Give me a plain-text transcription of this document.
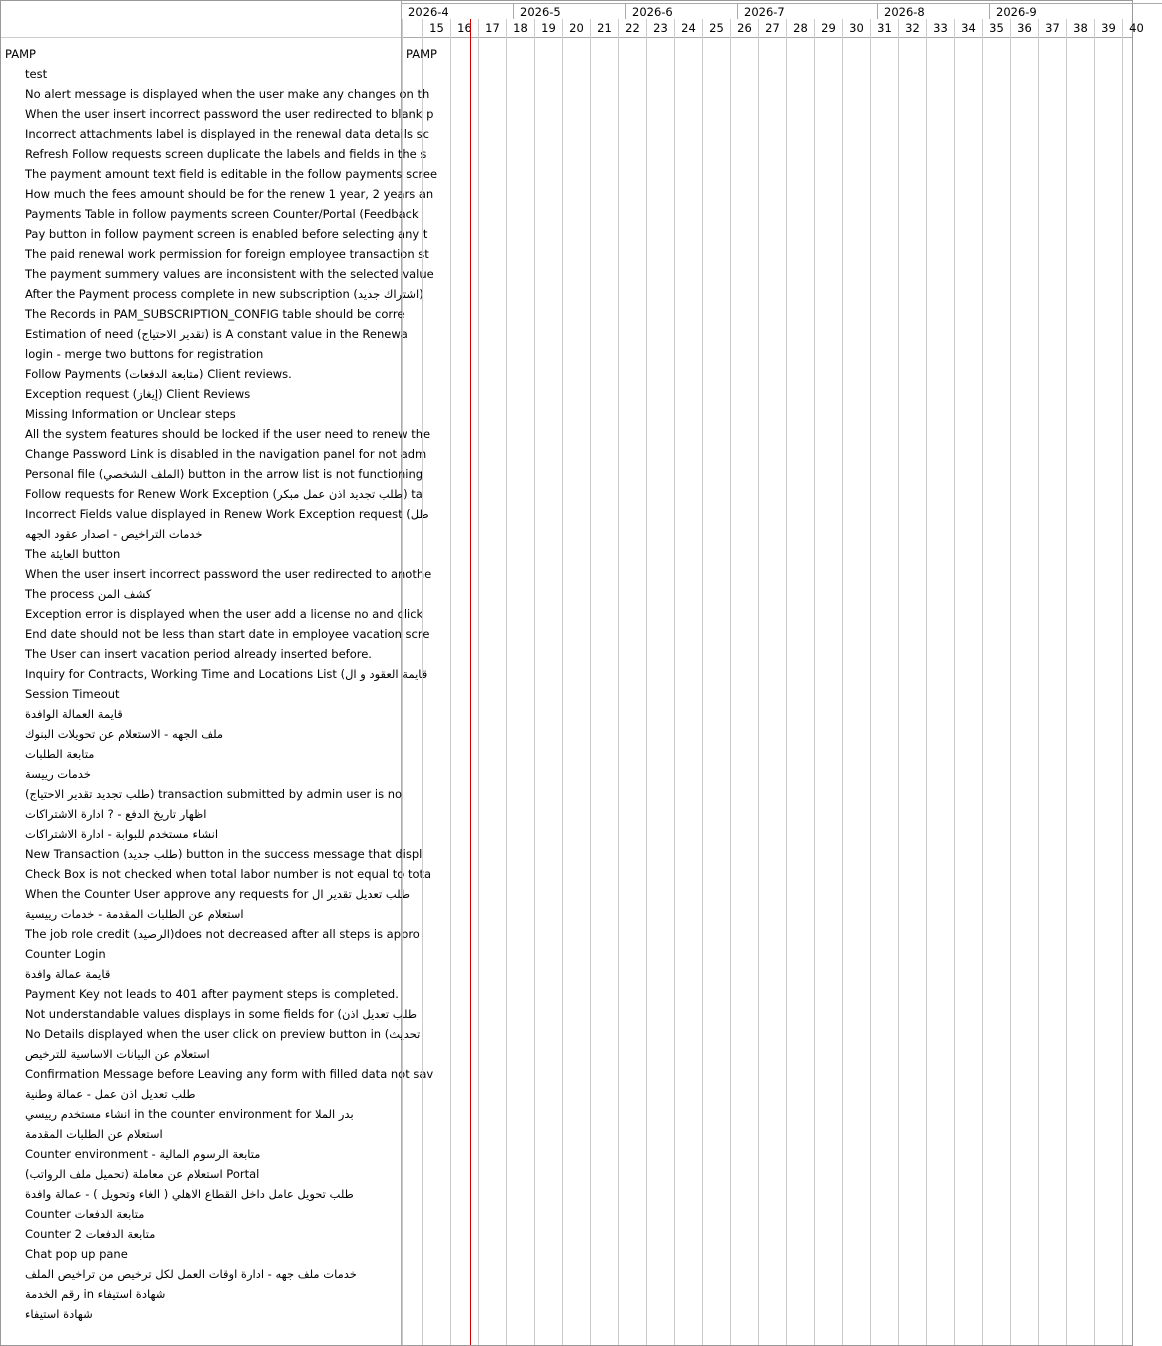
PAMP
test
No alert message is displayed when the user make any changes on th
When the user insert incorrect password the user redirected to blank p
Incorrect attachments label is displayed in the renewal data details sc
Refresh Follow requests screen duplicate the labels and fields in the s
The payment amount text field is editable in the follow payments scree
How much the fees amount should be for the renew 1 year, 2 years an
Payments Table in follow payments screen Counter/Portal (Feedback
Pay button in follow payment screen is enabled before selecting any t
The paid renewal work permission for foreign employee transaction st
The payment summery values are inconsistent with the selected value
After the Payment process complete in new subscription (اشتراك جديد)
The Records in PAM_SUBSCRIPTION_CONFIG table should be corre
Estimation of need (تقدير الاحتياج) is A constant value in the Renewa
login - merge two buttons for registration
Follow Payments (متابعة الدفعات) Client reviews.
Exception request (إيغاز) Client Reviews
Missing Information or Unclear steps
All the system features should be locked if the user need to renew the
Change Password Link is disabled in the navigation panel for not adm
Personal file (الملف الشخصي) button in the arrow list is not functioning
Follow requests for Renew Work Exception (طلب تجديد اذن عمل مبكر) ta
Incorrect Fields value displayed in Renew Work Exception request (طل
خدمات التراخيص - اصدار عقود الجهه
The العايئة button
When the user insert incorrect password the user redirected to anothe
The process كشف المن
Exception error is displayed when the user add a license no and click
End date should not be less than start date in employee vacation scre
The User can insert vacation period already inserted before.
Inquiry for Contracts, Working Time and Locations List (قايمة العقود و ال
Session Timeout
قايمة العمالة الوافدة
ملف الجهه - الاستعلام عن تحويلات البنوك
متابعة الطلبات
خدمات رييسة
(طلب تجديد تقدير الاحتياج) transaction submitted by admin user is no
اظهار تاريخ الدفع - ? ادارة الاشتراكات
انشاء مستخدم للبوابة - ادارة الاشتراكات
New Transaction (طلب جديد) button in the success message that displ
Check Box is not checked when total labor number is not equal to tota
When the Counter User approve any requests for طلب تعديل تقدير ال
استعلام عن الطلبات المقدمة - خدمات رييسية
The job role credit (الرصيد)does not decreased after all steps is appro
Counter Login
قايمة عمالة وافدة
Payment Key not leads to 401 after payment steps is completed.
Not understandable values displays in some fields for (طلب تعديل اذن
No Details displayed when the user click on preview button in (تحديث
استعلام عن البيانات الاساسية للترخيص
Confirmation Message before Leaving any form with filled data not sav
طلب تعديل اذن عمل - عمالة وطنية
انشاء مستخدم رييسي in the counter environment for بدر الملا
استعلام عن الطلبات المقدمة
Counter environment - متابعة الرسوم المالية
استعلام عن معاملة (تحميل ملف الرواتب) Portal
طلب تحويل عامل داخل القطاع الاهلي ( الغاء وتحويل ) - عمالة وافدة
Counter متابعة الدفعات
Counter متابعة الدفعات 2
Chat pop up pane
خدمات ملف جهه - ادارة اوقات العمل لكل ترخيص من تراخيص الملف
رقم الخدمة in شهادة استيفاء
شهادة استيفاء
2026-4	2026-5	2026-6	2026-7	2026-8	2026-9
15	16	17	18	19	20	21	22	23	24	25	26	27	28	29	30	31	32	33	34	35	36	37	38	39	40
PAMP
